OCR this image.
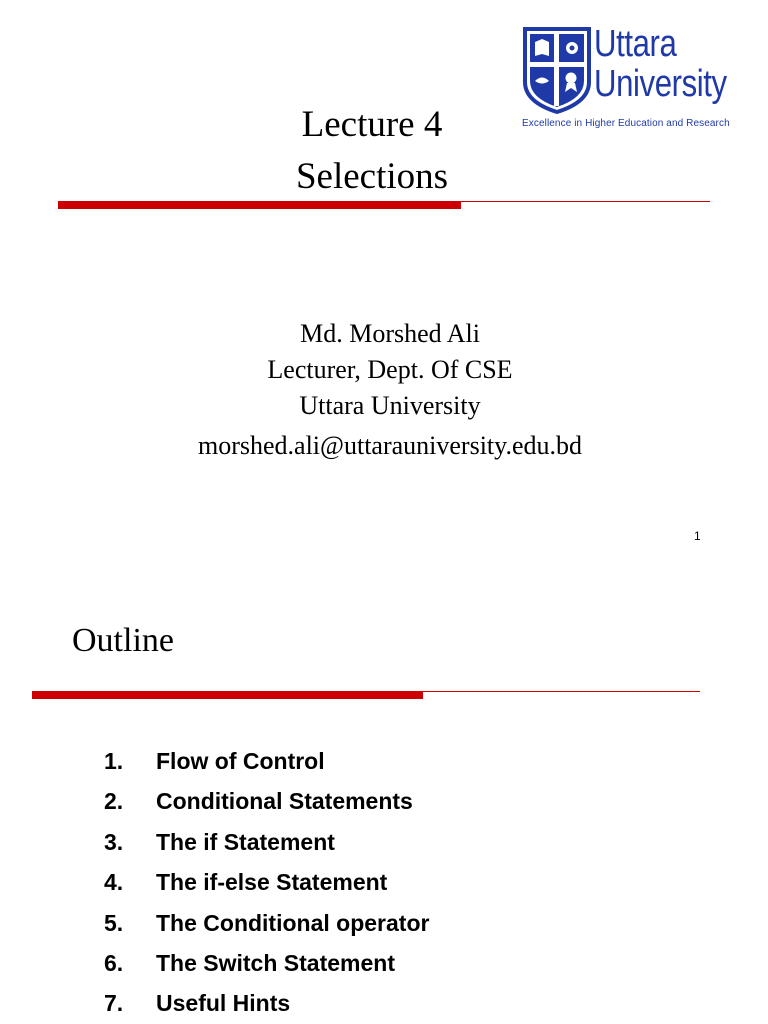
Uttara
University
Excellence in Higher Education and Research
Lecture 4
Selections
Md. Morshed Ali
Lecturer, Dept. Of CSE
Uttara University
morshed.ali@uttarauniversity.edu.bd
1
Outline
1. Flow of Control
2. Conditional Statements
3. The if Statement
4. The if-else Statement
5. The Conditional operator
6. The Switch Statement
7. Useful Hints
